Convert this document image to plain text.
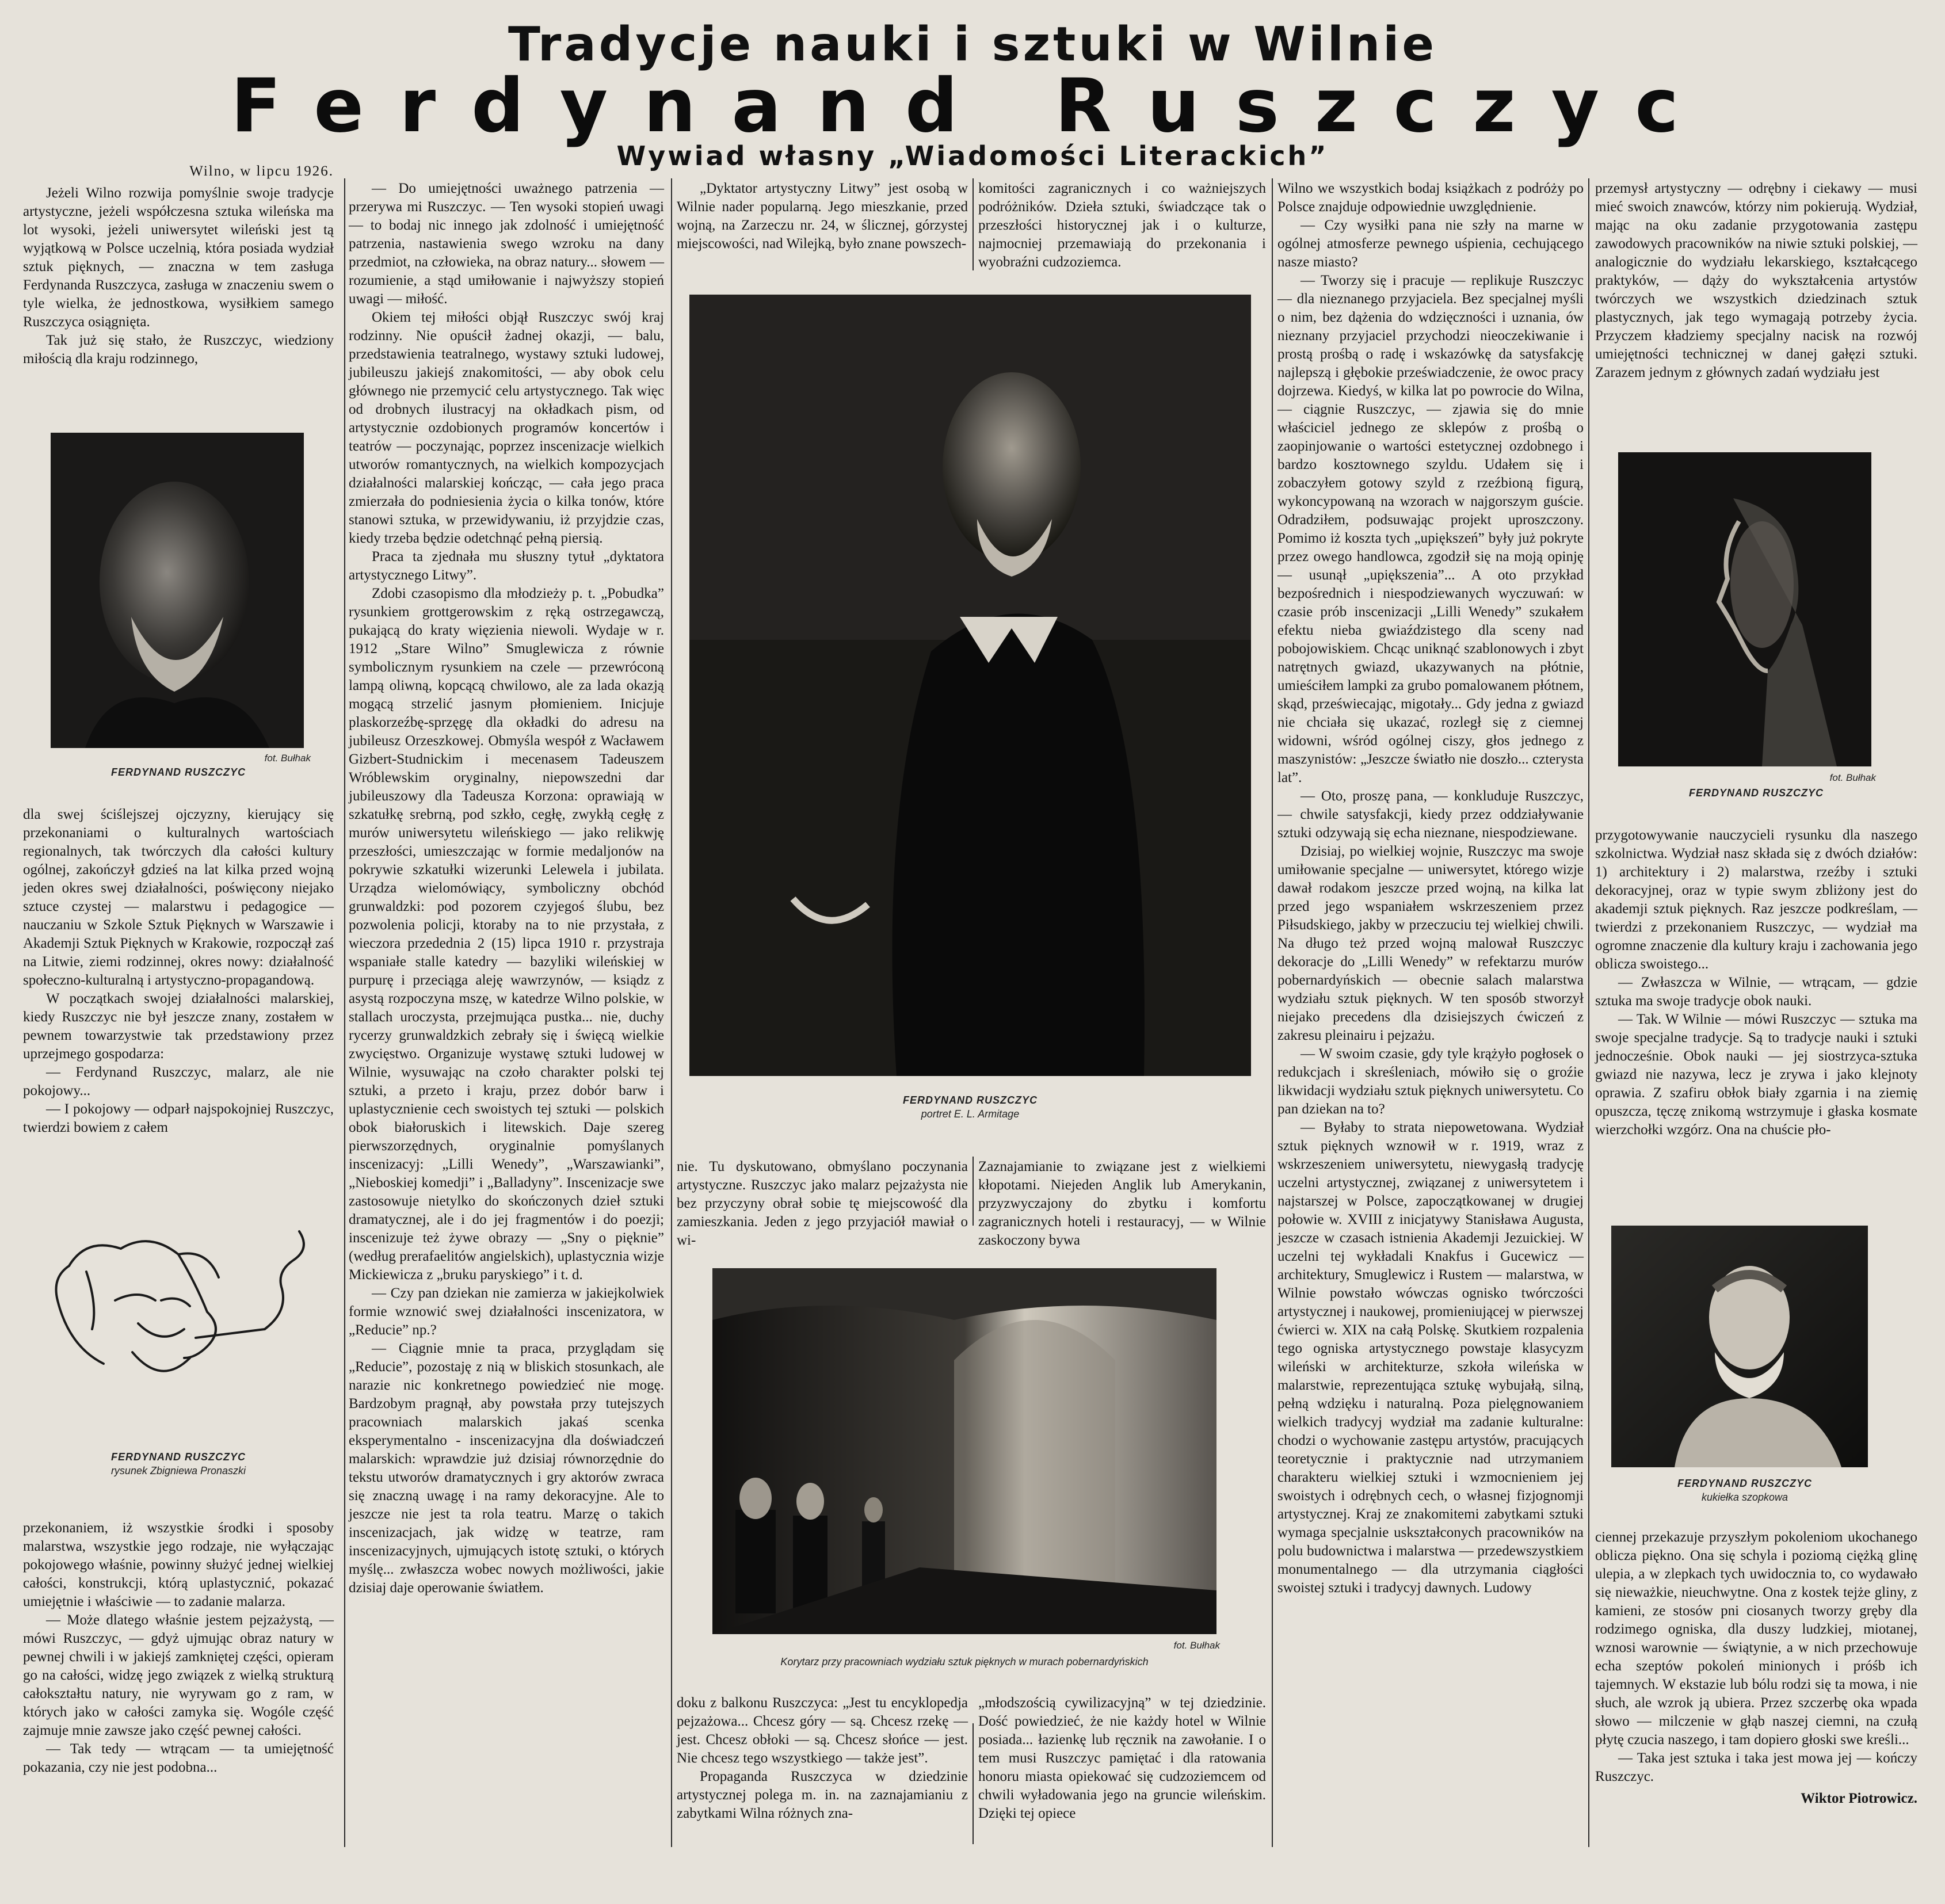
Tradycje nauki i sztuki w Wilnie
Ferdynand Ruszczyc
Wywiad własny „Wiadomości Literackich”
Wilno, w lipcu 1926.

Jeżeli Wilno rozwija pomyślnie swoje tradycje artystyczne, jeżeli współczesna sztuka wileńska ma lot wysoki, jeżeli uniwersytet wileński jest tą wyjątkową w Polsce uczelnią, która posiada wydział sztuk pięknych, — znaczna w tem zasługa Ferdynanda Ruszczyca, zasługa w znaczeniu swem o tyle wielka, że jednostkowa, wysiłkiem samego Ruszczyca osiągnięta.

Tak już się stało, że Ruszczyc, wiedziony miłością dla kraju rodzinnego,

fot. Bułhak
FERDYNAND RUSZCZYC

dla swej ściślejszej ojczyzny, kierujący się przekonaniami o kulturalnych wartościach regionalnych, tak twórczych dla całości kultury ogólnej, zakończył gdzieś na lat kilka przed wojną jeden okres swej działalności, poświęcony niejako sztuce czystej — malarstwu i pedagogice — nauczaniu w Szkole Sztuk Pięknych w Warszawie i Akademji Sztuk Pięknych w Krakowie, rozpoczął zaś na Litwie, ziemi rodzinnej, okres nowy: działalność społeczno-kulturalną i artystyczno-propagandową.

W początkach swojej działalności malarskiej, kiedy Ruszczyc nie był jeszcze znany, zostałem w pewnem towarzystwie tak przedstawiony przez uprzejmego gospodarza:

— Ferdynand Ruszczyc, malarz, ale nie pokojowy...

— I pokojowy — odparł najspokojniej Ruszczyc, twierdzi bowiem z całem

FERDYNAND RUSZCZYC
rysunek Zbigniewa Pronaszki

przekonaniem, iż wszystkie środki i sposoby malarstwa, wszystkie jego rodzaje, nie wyłączając pokojowego właśnie, powinny służyć jednej wielkiej całości, konstrukcji, którą uplastycznić, pokazać umiejętnie i właściwie — to zadanie malarza.

— Może dlatego właśnie jestem pejzażystą, — mówi Ruszczyc, — gdyż ujmując obraz natury w pewnej chwili i w jakiejś zamkniętej części, opieram go na całości, widzę jego związek z wielką strukturą całokształtu natury, nie wyrywam go z ram, w których jako w całości zamyka się. Wogóle część zajmuje mnie zawsze jako część pewnej całości.

— Tak tedy — wtrącam — ta umiejętność pokazania, czy nie jest podobna...

— Do umiejętności uważnego patrzenia — przerywa mi Ruszczyc. — Ten wysoki stopień uwagi — to bodaj nic innego jak zdolność i umiejętność patrzenia, nastawienia swego wzroku na dany przedmiot, na człowieka, na obraz natury... słowem — rozumienie, a stąd umiłowanie i najwyższy stopień uwagi — miłość.

Okiem tej miłości objął Ruszczyc swój kraj rodzinny. Nie opuścił żadnej okazji, — balu, przedstawienia teatralnego, wystawy sztuki ludowej, jubileuszu jakiejś znakomitości, — aby obok celu głównego nie przemycić celu artystycznego. Tak więc od drobnych ilustracyj na okładkach pism, od artystycznie ozdobionych programów koncertów i teatrów — poczynając, poprzez inscenizacje wielkich utworów romantycznych, na wielkich kompozycjach działalności malarskiej kończąc, — cała jego praca zmierzała do podniesienia życia o kilka tonów, które stanowi sztuka, w przewidywaniu, iż przyjdzie czas, kiedy trzeba będzie odetchnąć pełną piersią.

Praca ta zjednała mu słuszny tytuł „dyktatora artystycznego Litwy”.

Zdobi czasopismo dla młodzieży p. t. „Pobudka” rysunkiem grottgerowskim z ręką ostrzegawczą, pukającą do kraty więzienia niewoli. Wydaje w r. 1912 „Stare Wilno” Smuglewicza z równie symbolicznym rysunkiem na czele — przewróconą lampą oliwną, kopcącą chwilowo, ale za lada okazją mogącą strzelić jasnym płomieniem. Inicjuje plaskorzeźbę-sprzęgę dla okładki do adresu na jubileusz Orzeszkowej. Obmyśla wespół z Wacławem Gizbert-Studnickim i mecenasem Tadeuszem Wróblewskim oryginalny, niepowszedni dar jubileuszowy dla Tadeusza Korzona: oprawiają w szkatułkę srebrną, pod szkło, cegłę, zwykłą cegłę z murów uniwersytetu wileńskiego — jako relikwję przeszłości, umieszczając w formie medaljonów na pokrywie szkatułki wizerunki Lelewela i jubilata. Urządza wielomówiący, symboliczny obchód grunwaldzki: pod pozorem czyjegoś ślubu, bez pozwolenia policji, ktoraby na to nie przystała, z wieczora przedednia 2 (15) lipca 1910 r. przystraja wspaniałe stalle katedry — bazyliki wileńskiej w purpurę i przeciąga aleję wawrzynów, — ksiądz z asystą rozpoczyna mszę, w katedrze Wilno polskie, w stallach uroczysta, przejmująca pustka... nie, duchy rycerzy grunwaldzkich zebrały się i święcą wielkie zwycięstwo. Organizuje wystawę sztuki ludowej w Wilnie, wysuwając na czoło charakter polski tej sztuki, a przeto i kraju, przez dobór barw i uplastycznienie cech swoistych tej sztuki — polskich obok białoruskich i litewskich. Daje szereg pierwszorzędnych, oryginalnie pomyślanych inscenizacyj: „Lilli Wenedy”, „Warszawianki”, „Nieboskiej komedji” i „Balladyny”. Inscenizacje swe zastosowuje nietylko do skończonych dzieł sztuki dramatycznej, ale i do jej fragmentów i do poezji; inscenizuje też żywe obrazy — „Sny o pięknie” (według prerafaelitów angielskich), uplastycznia wizje Mickiewicza z „bruku paryskiego” i t. d.

— Czy pan dziekan nie zamierza w jakiejkolwiek formie wznowić swej działalności inscenizatora, w „Reducie” np.?

— Ciągnie mnie ta praca, przyglądam się „Reducie”, pozostaję z nią w bliskich stosunkach, ale narazie nic konkretnego powiedzieć nie mogę. Bardzobym pragnął, aby powstała przy tutejszych pracowniach malarskich jakaś scenka eksperymentalno - inscenizacyjna dla doświadczeń malarskich: wprawdzie już dzisiaj równorzędnie do tekstu utworów dramatycznych i gry aktorów zwraca się znaczną uwagę i na ramy dekoracyjne. Ale to jeszcze nie jest ta rola teatru. Marzę o takich inscenizacjach, jak widzę w teatrze, ram inscenizacyjnych, ujmujących istotę sztuki, o których myślę... zwłaszcza wobec nowych możliwości, jakie dzisiaj daje operowanie światłem.

„Dyktator artystyczny Litwy” jest osobą w Wilnie nader popularną. Jego mieszkanie, przed wojną, na Zarzeczu nr. 24, w ślicznej, górzystej miejscowości, nad Wilejką, było znane powszech-

komitości zagranicznych i co ważniejszych podróżników. Dzieła sztuki, świadczące tak o przeszłości historycznej jak i o kulturze, najmocniej przemawiają do przekonania i wyobraźni cudzoziemca.

FERDYNAND RUSZCZYC
portret E. L. Armitage

nie. Tu dyskutowano, obmyślano poczynania artystyczne. Ruszczyc jako malarz pejzażysta nie bez przyczyny obrał sobie tę miejscowość dla zamieszkania. Jeden z jego przyjaciół mawiał o wi-

Zaznajamianie to związane jest z wielkiemi kłopotami. Niejeden Anglik lub Amerykanin, przyzwyczajony do zbytku i komfortu zagranicznych hoteli i restauracyj, — w Wilnie zaskoczony bywa

fot. Bułhak
Korytarz przy pracowniach wydziału sztuk pięknych w murach pobernardyńskich

doku z balkonu Ruszczyca: „Jest tu encyklopedja pejzażowa... Chcesz góry — są. Chcesz rzekę — jest. Chcesz obłoki — są. Chcesz słońce — jest. Nie chcesz tego wszystkiego — także jest”.

Propaganda Ruszczyca w dziedzinie artystycznej polega m. in. na zaznajamianiu z zabytkami Wilna różnych zna-

„młodszością cywilizacyjną” w tej dziedzinie. Dość powiedzieć, że nie każdy hotel w Wilnie posiada... łazienkę lub ręcznik na zawołanie. I o tem musi Ruszczyc pamiętać i dla ratowania honoru miasta opiekować się cudzoziemcem od chwili wyładowania jego na gruncie wileńskim. Dzięki tej opiece

Wilno we wszystkich bodaj książkach z podróży po Polsce znajduje odpowiednie uwzględnienie.

— Czy wysiłki pana nie szły na marne w ogólnej atmosferze pewnego uśpienia, cechującego nasze miasto?

— Tworzy się i pracuje — replikuje Ruszczyc — dla nieznanego przyjaciela. Bez specjalnej myśli o nim, bez dążenia do wdzięczności i uznania, ów nieznany przyjaciel przychodzi nieoczekiwanie i prostą prośbą o radę i wskazówkę da satysfakcję najlepszą i głębokie przeświadczenie, że owoc pracy dojrzewa. Kiedyś, w kilka lat po powrocie do Wilna, — ciągnie Ruszczyc, — zjawia się do mnie właściciel jednego ze sklepów z prośbą o zaopinjowanie o wartości estetycznej ozdobnego i bardzo kosztownego szyldu. Udałem się i zobaczyłem gotowy szyld z rzeźbioną figurą, wykoncypowaną na wzorach w najgorszym guście. Odradziłem, podsuwając projekt uproszczony. Pomimo iż koszta tych „upiększeń” były już pokryte przez owego handlowca, zgodził się na moją opinję — usunął „upiększenia”... A oto przykład bezpośrednich i niespodziewanych wyczuwań: w czasie prób inscenizacji „Lilli Wenedy” szukałem efektu nieba gwiaździstego dla sceny nad pobojowiskiem. Chcąc uniknąć szablonowych i zbyt natrętnych gwiazd, ukazywanych na płótnie, umieściłem lampki za grubo pomalowanem płótnem, skąd, przeświecając, migotały... Gdy jedna z gwiazd nie chciała się ukazać, rozległ się z ciemnej widowni, wśród ogólnej ciszy, głos jednego z maszynistów: „Jeszcze światło nie doszło... czterysta lat”.

— Oto, proszę pana, — konkluduje Ruszczyc, — chwile satysfakcji, kiedy przez oddziaływanie sztuki odzywają się echa nieznane, niespodziewane.

Dzisiaj, po wielkiej wojnie, Ruszczyc ma swoje umiłowanie specjalne — uniwersytet, którego wizje dawał rodakom jeszcze przed wojną, na kilka lat przed jego wspaniałem wskrzeszeniem przez Piłsudskiego, jakby w przeczuciu tej wielkiej chwili. Na długo też przed wojną malował Ruszczyc dekoracje do „Lilli Wenedy” w refektarzu murów pobernardyńskich — obecnie salach malarstwa wydziału sztuk pięknych. W ten sposób stworzył niejako precedens dla dzisiejszych ćwiczeń z zakresu pleinairu i pejzażu.

— W swoim czasie, gdy tyle krążyło pogłosek o redukcjach i skreśleniach, mówiło się o groźie likwidacji wydziału sztuk pięknych uniwersytetu. Co pan dziekan na to?

— Byłaby to strata niepowetowana. Wydział sztuk pięknych wznowił w r. 1919, wraz z wskrzeszeniem uniwersytetu, niewygasłą tradycję uczelni artystycznej, związanej z uniwersytetem i najstarszej w Polsce, zapoczątkowanej w drugiej połowie w. XVIII z inicjatywy Stanisława Augusta, jeszcze w czasach istnienia Akademji Jezuickiej. W uczelni tej wykładali Knakfus i Gucewicz — architektury, Smuglewicz i Rustem — malarstwa, w Wilnie powstało wówczas ognisko twórczości artystycznej i naukowej, promieniującej w pierwszej ćwierci w. XIX na całą Polskę. Skutkiem rozpalenia tego ogniska artystycznego powstaje klasycyzm wileński w architekturze, szkoła wileńska w malarstwie, reprezentująca sztukę wybujałą, silną, pełną wdzięku i naturalną. Poza pielęgnowaniem wielkich tradycyj wydział ma zadanie kulturalne: chodzi o wychowanie zastępu artystów, pracujących teoretycznie i praktycznie nad utrzymaniem charakteru wielkiej sztuki i wzmocnieniem jej swoistych i odrębnych cech, o własnej fizjognomji artystycznej. Kraj ze znakomitemi zabytkami sztuki wymaga specjalnie uskształconych pracowników na polu budownictwa i malarstwa — przedewszystkiem monumentalnego — dla utrzymania ciągłości swoistej sztuki i tradycyj dawnych. Ludowy

przemysł artystyczny — odrębny i ciekawy — musi mieć swoich znawców, którzy nim pokierują. Wydział, mając na oku zadanie przygotowania zastępu zawodowych pracowników na niwie sztuki polskiej, — analogicznie do wydziału lekarskiego, kształcącego praktyków, — dąży do wykształcenia artystów twórczych we wszystkich dziedzinach sztuk plastycznych, jak tego wymagają potrzeby życia. Przyczem kładziemy specjalny nacisk na rozwój umiejętności technicznej w danej gałęzi sztuki. Zarazem jednym z głównych zadań wydziału jest

fot. Bułhak
FERDYNAND RUSZCZYC

przygotowywanie nauczycieli rysunku dla naszego szkolnictwa. Wydział nasz składa się z dwóch działów: 1) architektury i 2) malarstwa, rzeźby i sztuki dekoracyjnej, oraz w typie swym zbliżony jest do akademji sztuk pięknych. Raz jeszcze podkreślam, — twierdzi z przekonaniem Ruszczyc, — wydział ma ogromne znaczenie dla kultury kraju i zachowania jego oblicza swoistego...

— Zwłaszcza w Wilnie, — wtrącam, — gdzie sztuka ma swoje tradycje obok nauki.

— Tak. W Wilnie — mówi Ruszczyc — sztuka ma swoje specjalne tradycje. Są to tradycje nauki i sztuki jednocześnie. Obok nauki — jej siostrzyca-sztuka gwiazd nie nazywa, lecz je zrywa i jako klejnoty oprawia. Z szafiru obłok biały zgarnia i na ziemię opuszcza, tęczę znikomą wstrzymuje i głaska kosmate wierzchołki wzgórz. Ona na chuście pło-

FERDYNAND RUSZCZYC
kukiełka szopkowa

ciennej przekazuje przyszłym pokoleniom ukochanego oblicza piękno. Ona się schyla i poziomą ciężką glinę ulepia, a w zlepkach tych uwidocznia to, co wydawało się nieważkie, nieuchwytne. Ona z kostek tejże gliny, z kamieni, ze stosów pni ciosanych tworzy gręby dla rodzimego ogniska, dla duszy ludzkiej, miotanej, wznosi warownie — świątynie, a w nich przechowuje echa szeptów pokoleń minionych i próśb ich tajemnych. W ekstazie lub bólu rodzi się ta mowa, i nie słuch, ale wzrok ją ubiera. Przez szczerbę oka wpada słowo — milczenie w głąb naszej ciemni, na czułą płytę czucia naszego, i tam dopiero głoski swe kreśli...

— Taka jest sztuka i taka jest mowa jej — kończy Ruszczyc.

Wiktor Piotrowicz.
